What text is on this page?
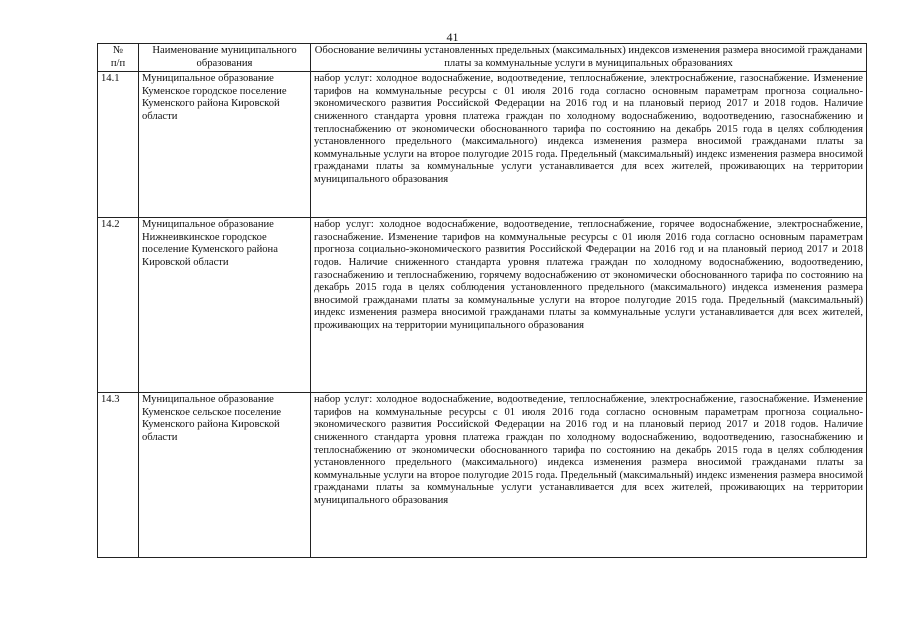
41
№
п/п	Наименование муниципального образования	Обоснование величины установленных предельных (максимальных) индексов изменения размера вносимой гражданами платы за коммунальные услуги в муниципальных образованиях
14.1	Муниципальное образование Куменское городское поселение Куменского района Кировской области	набор услуг: холодное водоснабжение, водоотведение, теплоснабжение, электроснабжение, газоснабжение. Изменение тарифов на коммунальные ресурсы с 01 июля 2016 года согласно основным параметрам прогноза социально-экономического развития Российской Федерации на 2016 год и на плановый период 2017 и 2018 годов. Наличие сниженного стандарта уровня платежа граждан по холодному водоснабжению, водоотведению, газоснабжению и теплоснабжению от экономически обоснованного тарифа по состоянию на декабрь 2015 года в целях соблюдения установленного предельного (максимального) индекса изменения размера вносимой гражданами платы за коммунальные услуги на второе полугодие 2015 года. Предельный (максимальный) индекс изменения размера вносимой гражданами платы за коммунальные услуги устанавливается для всех жителей, проживающих на территории муниципального образования
14.2	Муниципальное образование Нижнеивкинское городское поселение Куменского района Кировской области	набор услуг: холодное водоснабжение, водоотведение, теплоснабжение, горячее водоснабжение, электроснабжение, газоснабжение. Изменение тарифов на коммунальные ресурсы с 01 июля 2016 года согласно основным параметрам прогноза социально-экономического развития Российской Федерации на 2016 год и на плановый период 2017 и 2018 годов. Наличие сниженного стандарта уровня платежа граждан по холодному водоснабжению, водоотведению, газоснабжению и теплоснабжению, горячему водоснабжению от экономически обоснованного тарифа по состоянию на декабрь 2015 года в целях соблюдения установленного предельного (максимального) индекса изменения размера вносимой гражданами платы за коммунальные услуги на второе полугодие 2015 года. Предельный (максимальный) индекс изменения размера вносимой гражданами платы за коммунальные услуги устанавливается для всех жителей, проживающих на территории муниципального образования
14.3	Муниципальное образование Куменское сельское поселение Куменского района Кировской области	набор услуг: холодное водоснабжение, водоотведение, теплоснабжение, электроснабжение, газоснабжение. Изменение тарифов на коммунальные ресурсы с 01 июля 2016 года согласно основным параметрам прогноза социально-экономического развития Российской Федерации на 2016 год и на плановый период 2017 и 2018 годов. Наличие сниженного стандарта уровня платежа граждан по холодному водоснабжению, водоотведению, газоснабжению и теплоснабжению от экономически обоснованного тарифа по состоянию на декабрь 2015 года в целях соблюдения установленного предельного (максимального) индекса изменения размера вносимой гражданами платы за коммунальные услуги на второе полугодие 2015 года. Предельный (максимальный) индекс изменения размера вносимой гражданами платы за коммунальные услуги устанавливается для всех жителей, проживающих на территории муниципального образования
